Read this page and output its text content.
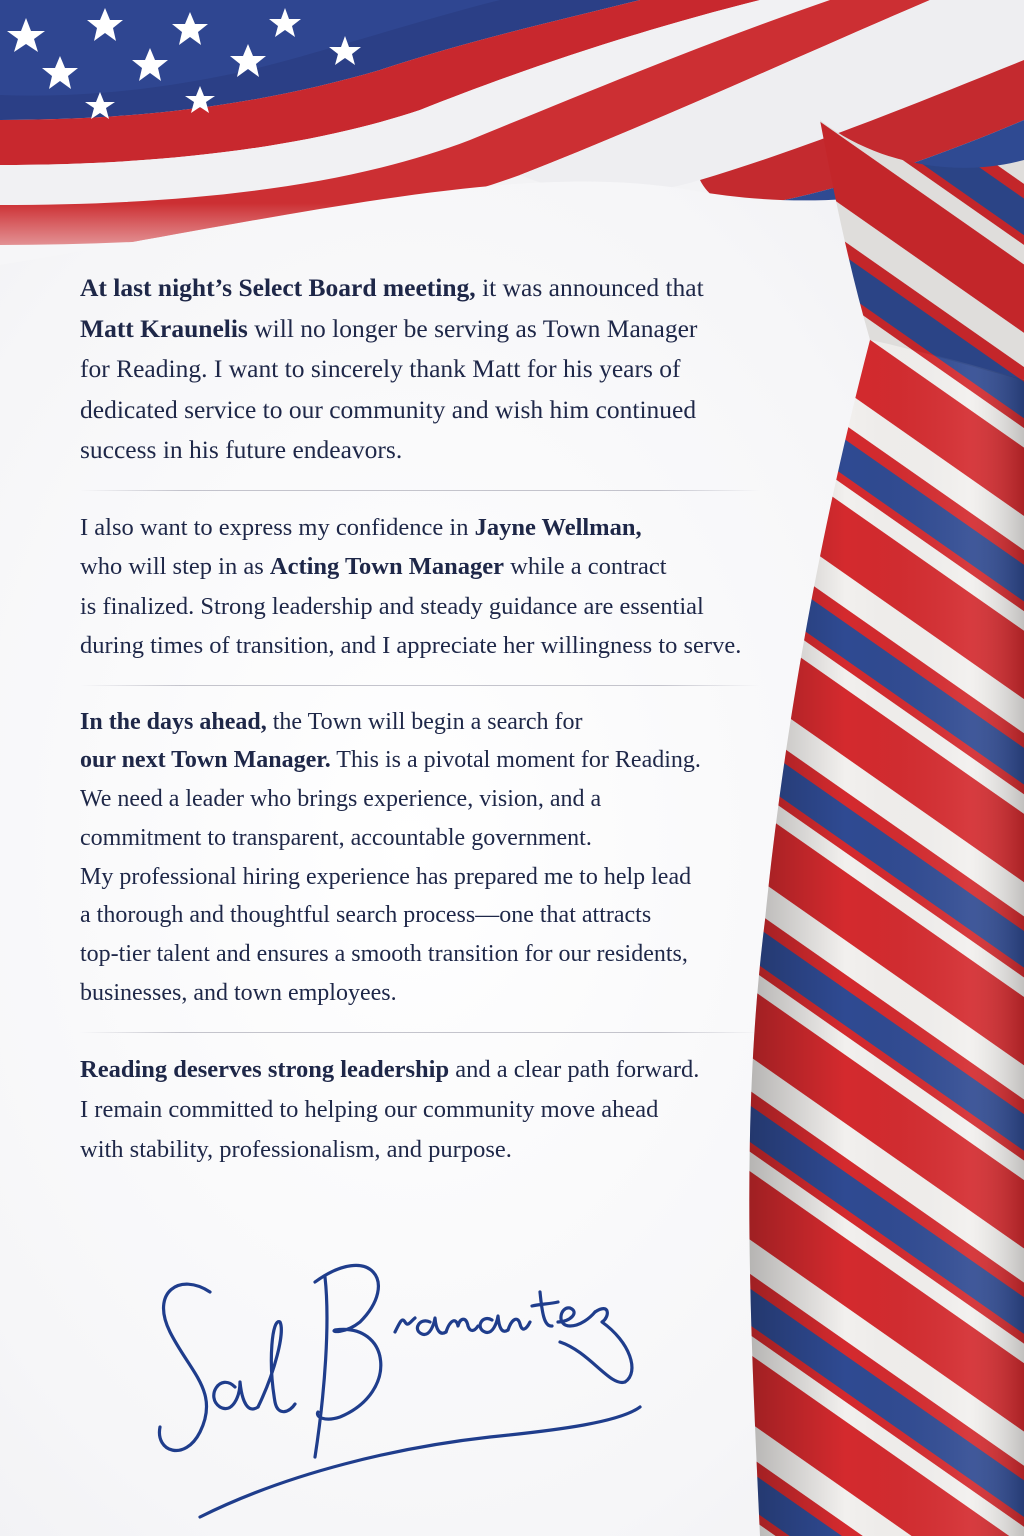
At last night’s Select Board meeting, it was announced that
Matt Kraunelis will no longer be serving as Town Manager
for Reading. I want to sincerely thank Matt for his years of
dedicated service to our community and wish him continued
success in his future endeavors.

I also want to express my confidence in Jayne Wellman,
who will step in as Acting Town Manager while a contract
is finalized. Strong leadership and steady guidance are essential
during times of transition, and I appreciate her willingness to serve.

In the days ahead, the Town will begin a search for
our next Town Manager. This is a pivotal moment for Reading.
We need a leader who brings experience, vision, and a
commitment to transparent, accountable government.
My professional hiring experience has prepared me to help lead
a thorough and thoughtful search process—one that attracts
top-tier talent and ensures a smooth transition for our residents,
businesses, and town employees.

Reading deserves strong leadership and a clear path forward.
I remain committed to helping our community move ahead
with stability, professionalism, and purpose.
